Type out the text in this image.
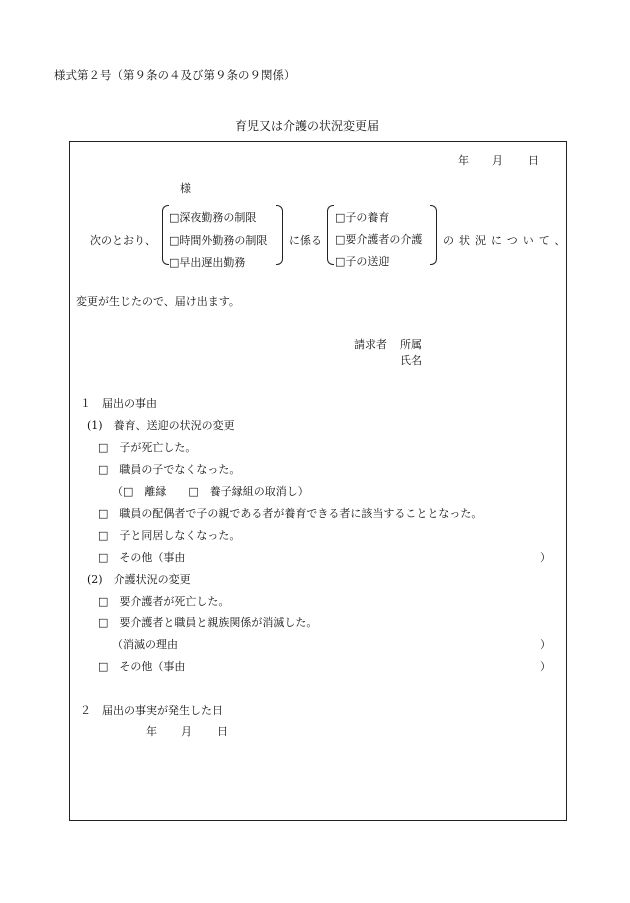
様式第２号（第９条の４及び第９条の９関係）
育児又は介護の状況変更届
年 月 日
様
次のとおり、
□深夜勤務の制限
□時間外勤務の制限
□早出遅出勤務
に係る
□子の養育
□要介護者の介護
□子の送迎
の状況について、
変更が生じたので、届け出ます。
請求者 所属
氏名
１　届出の事由
(1)　養育、送迎の状況の変更
□　子が死亡した。
□　職員の子でなくなった。
（□　離縁　　□　養子縁組の取消し）
□　職員の配偶者で子の親である者が養育できる者に該当することとなった。
□　子と同居しなくなった。
□　その他（事由	）
(2)　介護状況の変更
□　要介護者が死亡した。
□　要介護者と職員と親族関係が消滅した。
（消滅の理由	）
□　その他（事由	）
２　届出の事実が発生した日
年 月 日
